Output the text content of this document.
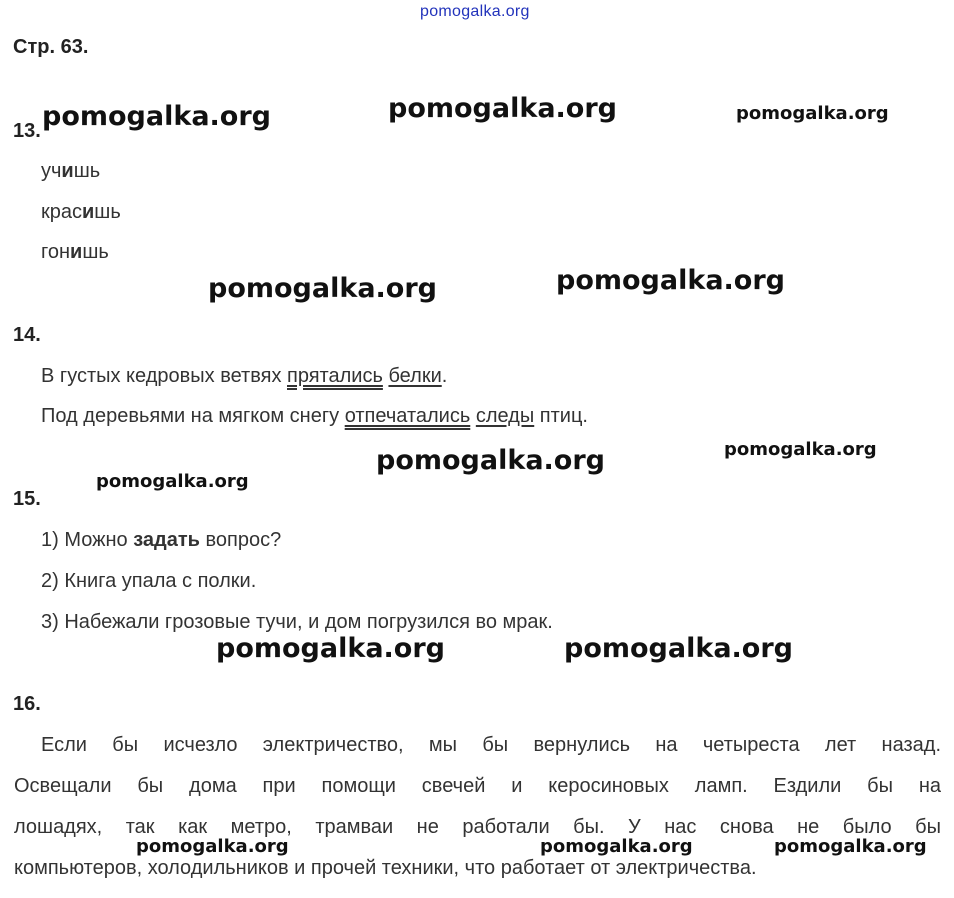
pomogalka.org
Стр. 63.
13.
учишь
красишь
гонишь
14.
В густых кедровых ветвях прятались белки.
Под деревьями на мягком снегу отпечатались следы птиц.
15.
1) Можно задать вопрос?
2) Книга упала с полки.
3) Набежали грозовые тучи, и дом погрузился во мрак.
16.
Если бы исчезло электричество, мы бы вернулись на четыреста лет назад.
Освещали бы дома при помощи свечей и керосиновых ламп. Ездили бы на
лошадях, так как метро, трамваи не работали бы. У нас снова не было бы
компьютеров, холодильников и прочей техники, что работает от электричества.
pomogalka.org	pomogalka.org	pomogalka.org
pomogalka.org	pomogalka.org
pomogalka.org
pomogalka.org
pomogalka.org
pomogalka.org	pomogalka.org
pomogalka.org	pomogalka.org	pomogalka.org
